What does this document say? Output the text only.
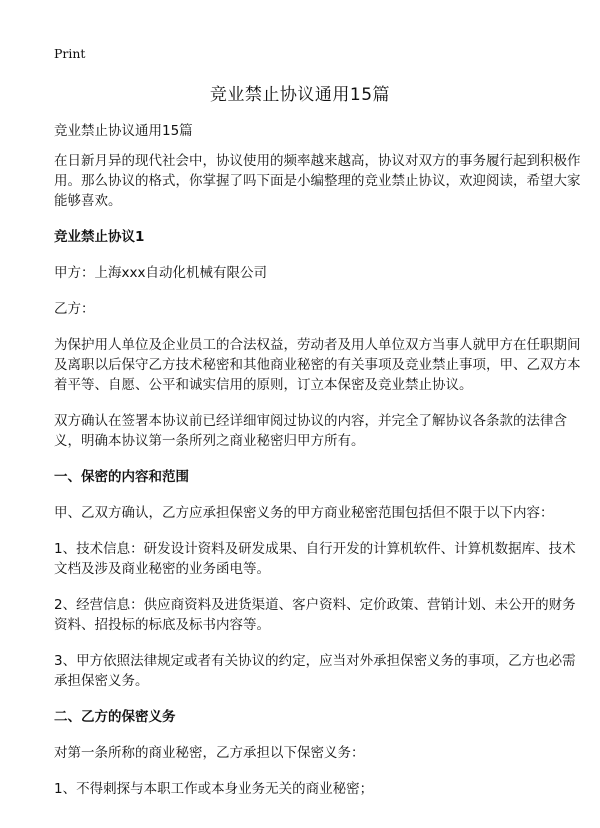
Print
竞业禁止协议通用15篇

竞业禁止协议通用15篇

在日新月异的现代社会中，协议使用的频率越来越高，协议对双方的事务履行起到积极作用。那么协议的格式，你掌握了吗下面是小编整理的竞业禁止协议，欢迎阅读，希望大家能够喜欢。

竞业禁止协议1

甲方：上海xxx自动化机械有限公司

乙方：

为保护用人单位及企业员工的合法权益，劳动者及用人单位双方当事人就甲方在任职期间及离职以后保守乙方技术秘密和其他商业秘密的有关事项及竞业禁止事项，甲、乙双方本着平等、自愿、公平和诚实信用的原则，订立本保密及竞业禁止协议。

双方确认在签署本协议前已经详细审阅过协议的内容，并完全了解协议各条款的法律含义，明确本协议第一条所列之商业秘密归甲方所有。

一、保密的内容和范围

甲、乙双方确认，乙方应承担保密义务的甲方商业秘密范围包括但不限于以下内容：

1、技术信息：研发设计资料及研发成果、自行开发的计算机软件、计算机数据库、技术文档及涉及商业秘密的业务函电等。

2、经营信息：供应商资料及进货渠道、客户资料、定价政策、营销计划、未公开的财务资料、招投标的标底及标书内容等。

3、甲方依照法律规定或者有关协议的约定，应当对外承担保密义务的事项，乙方也必需承担保密义务。

二、乙方的保密义务

对第一条所称的商业秘密，乙方承担以下保密义务：

1、不得刺探与本职工作或本身业务无关的商业秘密；
